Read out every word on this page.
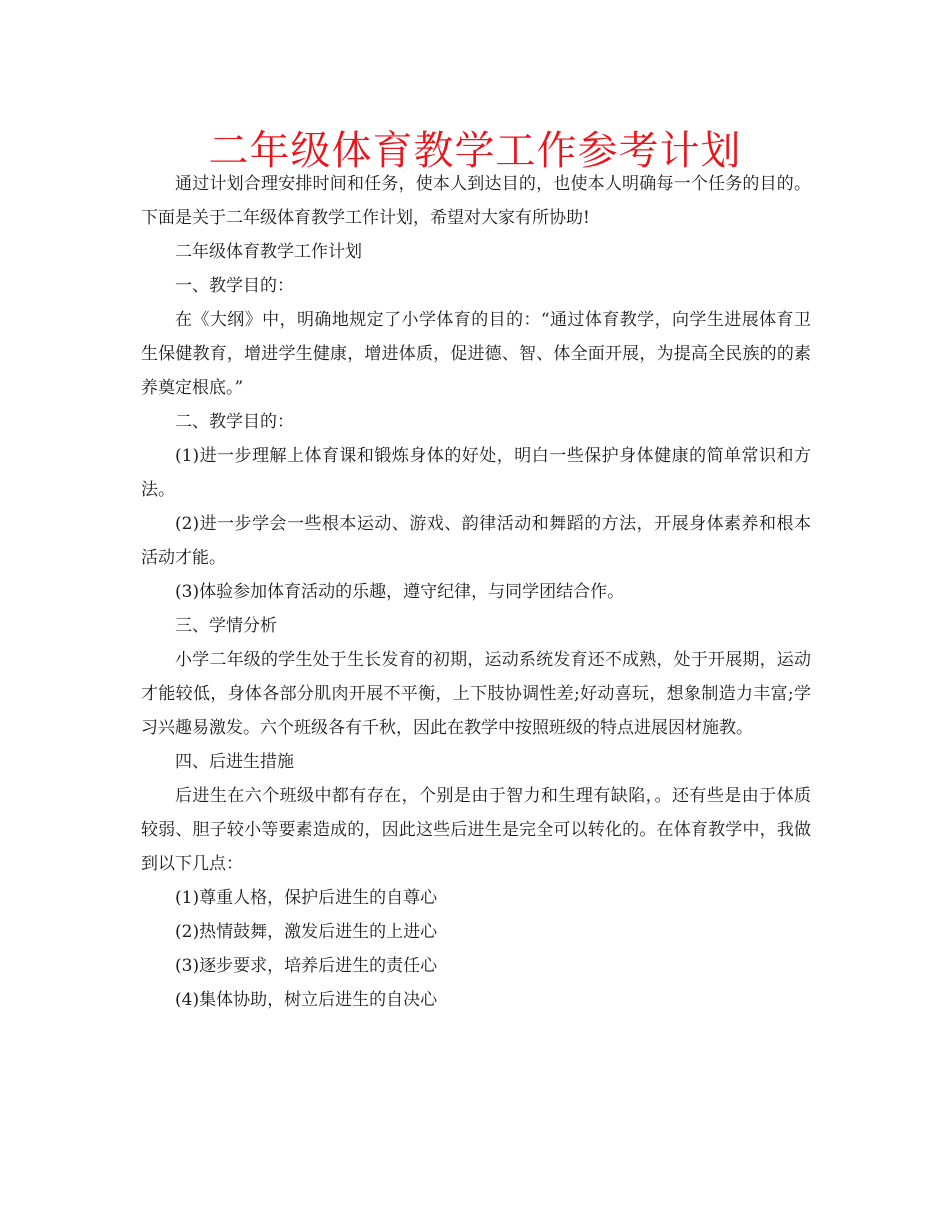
二年级体育教学工作参考计划

通过计划合理安排时间和任务，使本人到达目的，也使本人明确每一个任务的目的。下面是关于二年级体育教学工作计划，希望对大家有所协助!

二年级体育教学工作计划

一、教学目的：

在《大纲》中，明确地规定了小学体育的目的：“通过体育教学，向学生进展体育卫生保健教育，增进学生健康，增进体质，促进德、智、体全面开展，为提高全民族的的素养奠定根底。”

二、教学目的：

(1)进一步理解上体育课和锻炼身体的好处，明白一些保护身体健康的简单常识和方法。

(2)进一步学会一些根本运动、游戏、韵律活动和舞蹈的方法，开展身体素养和根本活动才能。

(3)体验参加体育活动的乐趣，遵守纪律，与同学团结合作。

三、学情分析

小学二年级的学生处于生长发育的初期，运动系统发育还不成熟，处于开展期，运动才能较低，身体各部分肌肉开展不平衡，上下肢协调性差;好动喜玩，想象制造力丰富;学习兴趣易激发。六个班级各有千秋，因此在教学中按照班级的特点进展因材施教。

四、后进生措施

后进生在六个班级中都有存在，个别是由于智力和生理有缺陷，。还有些是由于体质较弱、胆子较小等要素造成的，因此这些后进生是完全可以转化的。在体育教学中，我做到以下几点：

(1)尊重人格，保护后进生的自尊心

(2)热情鼓舞，激发后进生的上进心

(3)逐步要求，培养后进生的责任心

(4)集体协助，树立后进生的自决心
